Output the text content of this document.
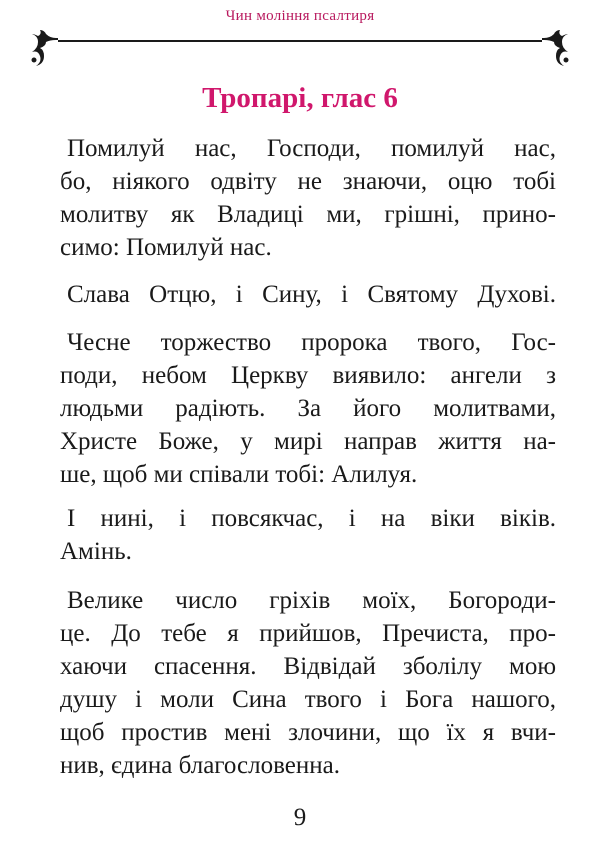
Чин моління псалтиря
Тропарі, глас 6
Помилуй нас, Господи, помилуй нас,
бо, ніякого одвіту не знаючи, оцю тобі
молитву як Владиці ми, грішні, прино-
симо: Помилуй нас.
Слава Отцю, і Сину, і Святому Духові.
Чесне торжество пророка твого, Гос-
поди, небом Церкву виявило: ангели з
людьми радіють. За його молитвами,
Христе Боже, у мирі направ життя на-
ше, щоб ми співали тобі: Алилуя.
І нині, і повсякчас, і на віки віків.
Амінь.
Велике число гріхів моїх, Богороди-
це. До тебе я прийшов, Пречиста, про-
хаючи спасення. Відвідай зболілу мою
душу і моли Сина твого і Бога нашого,
щоб простив мені злочини, що їх я вчи-
нив, єдина благословенна.
9
